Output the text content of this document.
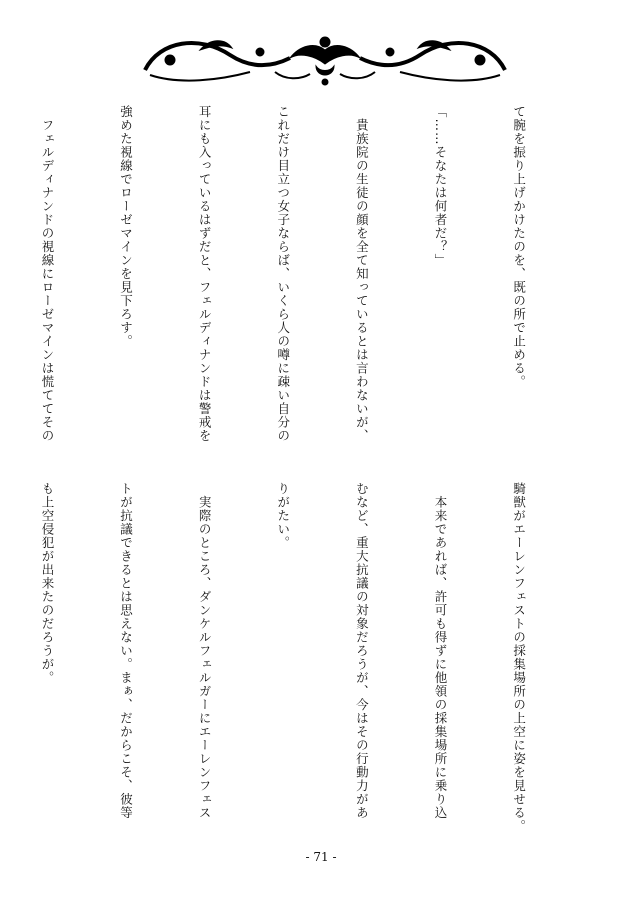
て腕を振り上げかけたのを、既の所で止める。

「……そなたは何者だ？」

　貴族院の生徒の顔を全て知っているとは言わないが、

これだけ目立つ女子ならば、いくら人の噂に疎い自分の

耳にも入っているはずだと、フェルディナンドは警戒を

強めた視線でローゼマインを見下ろす。

　フェルディナンドの視線にローゼマインは慌ててその

騎獣がエーレンフェストの採集場所の上空に姿を見せる。

　本来であれば、許可も得ずに他領の採集場所に乗り込

むなど、重大抗議の対象だろうが、今はその行動力があ

りがたい。

　実際のところ、ダンケルフェルガーにエーレンフェス

トが抗議できるとは思えない。まぁ、だからこそ、彼等

も上空侵犯が出来たのだろうが。

- 71 -
